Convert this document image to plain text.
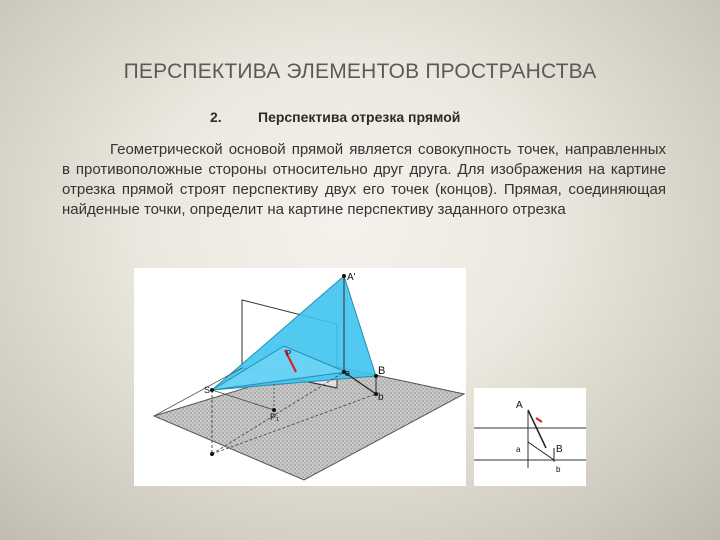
ПЕРСПЕКТИВА ЭЛЕМЕНТОВ ПРОСТРАНСТВА
2.	Перспектива отрезка прямой
Геометрической основой прямой является совокупность точек, направленных в противоположные стороны относительно друг друга. Для изображения на картине отрезка прямой строят перспективу двух его точек (концов). Прямая, соединяющая найденные точки, определит на картине перспективу заданного отрезка
A'
S
P
a	B
b
P₁
A
a	B
b
